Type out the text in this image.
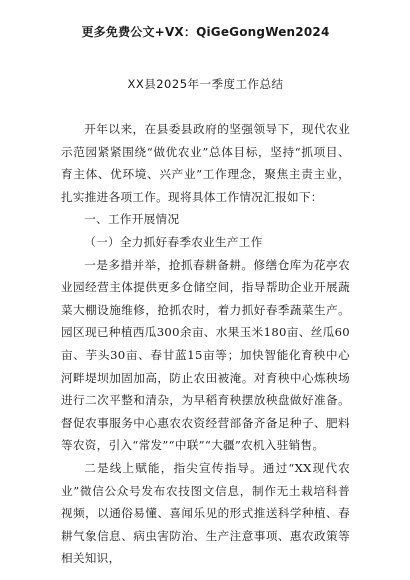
更多免费公文+VX：QiGeGongWen2024
XX县2025年一季度工作总结

开年以来，在县委县政府的坚强领导下，现代农业示范园紧紧围绕“做优农业”总体目标，坚持“抓项目、育主体、优环境、兴产业”工作理念，聚焦主责主业，扎实推进各项工作。现将具体工作情况汇报如下：

一、工作开展情况

（一）全力抓好春季农业生产工作

一是多措并举，抢抓春耕备耕。修缮仓库为花亭农业园经营主体提供更多仓储空间，指导帮助企业开展蔬菜大棚设施维修，抢抓农时，着力抓好春季蔬菜生产。园区现已种植西瓜300余亩、水果玉米180亩、丝瓜60亩、芋头30亩、春甘蓝15亩等；加快智能化育秧中心河畔堤坝加固加高，防止农田被淹。对育秧中心炼秧场进行二次平整和清杂，为早稻育秧摆放秧盘做好准备。督促农事服务中心惠农农资经营部备齐备足种子、肥料等农资，引入“常发”“中联”“大疆”农机入驻销售。

二是线上赋能，指尖宣传指导。通过“XX现代农业”微信公众号发布农技图文信息，制作无土栽培科普视频，以通俗易懂、喜闻乐见的形式推送科学种植、春耕气象信息、病虫害防治、生产注意事项、惠农政策等相关知识，
